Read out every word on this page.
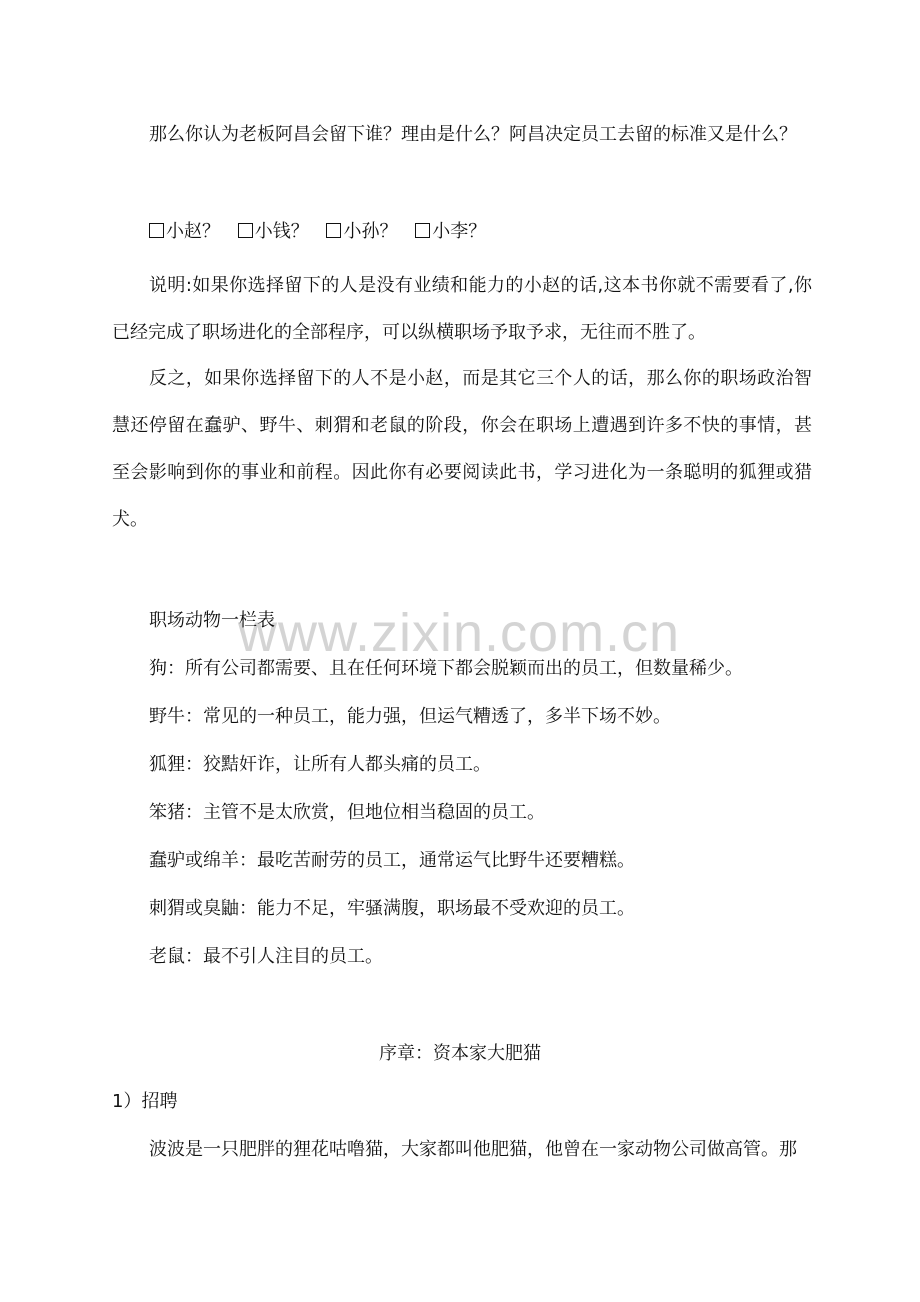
www.zixin.com.cn

那么你认为老板阿昌会留下谁？理由是什么？阿昌决定员工去留的标准又是什么？

小赵？ 小钱？ 小孙？ 小李？

说明:如果你选择留下的人是没有业绩和能力的小赵的话,这本书你就不需要看了,你已经完成了职场进化的全部程序，可以纵横职场予取予求，无往而不胜了。

反之，如果你选择留下的人不是小赵，而是其它三个人的话，那么你的职场政治智慧还停留在蠢驴、野牛、刺猬和老鼠的阶段，你会在职场上遭遇到许多不快的事情，甚至会影响到你的事业和前程。因此你有必要阅读此书，学习进化为一条聪明的狐狸或猎犬。

职场动物一栏表
狗：所有公司都需要、且在任何环境下都会脱颖而出的员工，但数量稀少。
野牛：常见的一种员工，能力强，但运气糟透了，多半下场不妙。
狐狸：狡黠奸诈，让所有人都头痛的员工。
笨猪：主管不是太欣赏，但地位相当稳固的员工。
蠢驴或绵羊：最吃苦耐劳的员工，通常运气比野牛还要糟糕。
刺猬或臭鼬：能力不足，牢骚满腹，职场最不受欢迎的员工。
老鼠：最不引人注目的员工。
序章：资本家大肥猫
1）招聘
波波是一只肥胖的狸花咕噜猫，大家都叫他肥猫，他曾在一家动物公司做高管。那
